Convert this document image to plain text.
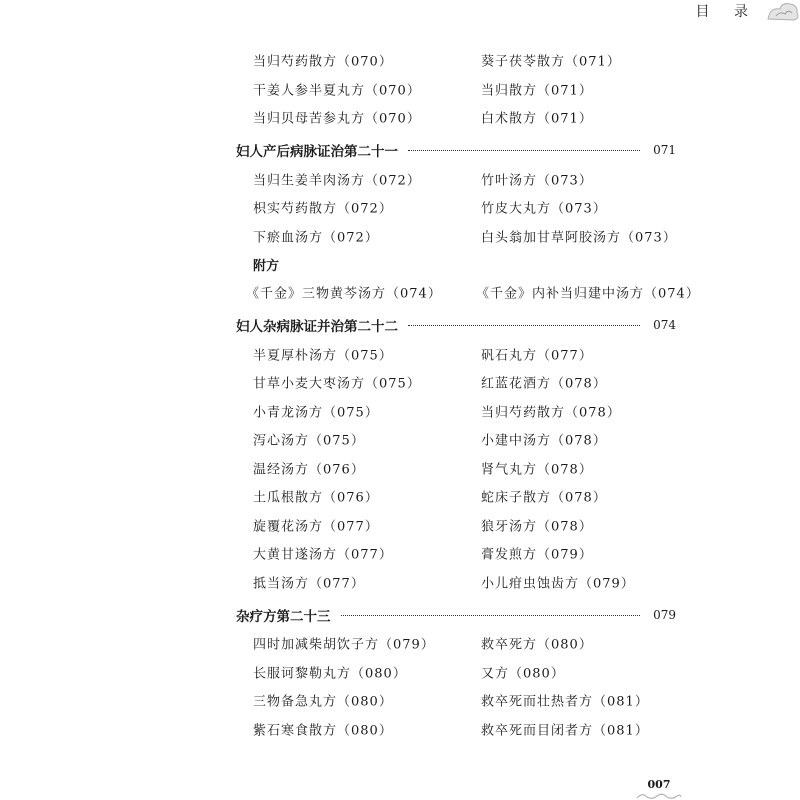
目 录
当归芍药散方（070）	葵子茯苓散方（071）
干姜人参半夏丸方（070）	当归散方（071）
当归贝母苦参丸方（070）	白术散方（071）
妇人产后病脉证治第二十一	071
当归生姜羊肉汤方（072）	竹叶汤方（073）
枳实芍药散方（072）	竹皮大丸方（073）
下瘀血汤方（072）	白头翁加甘草阿胶汤方（073）
附方
《千金》三物黄芩汤方（074）	《千金》内补当归建中汤方（074）
妇人杂病脉证并治第二十二	074
半夏厚朴汤方（075）	矾石丸方（077）
甘草小麦大枣汤方（075）	红蓝花酒方（078）
小青龙汤方（075）	当归芍药散方（078）
泻心汤方（075）	小建中汤方（078）
温经汤方（076）	肾气丸方（078）
土瓜根散方（076）	蛇床子散方（078）
旋覆花汤方（077）	狼牙汤方（078）
大黄甘遂汤方（077）	膏发煎方（079）
抵当汤方（077）	小儿疳虫蚀齿方（079）
杂疗方第二十三	079
四时加减柴胡饮子方（079）	救卒死方（080）
长服诃黎勒丸方（080）	又方（080）
三物备急丸方（080）	救卒死而壮热者方（081）
紫石寒食散方（080）	救卒死而目闭者方（081）
007
